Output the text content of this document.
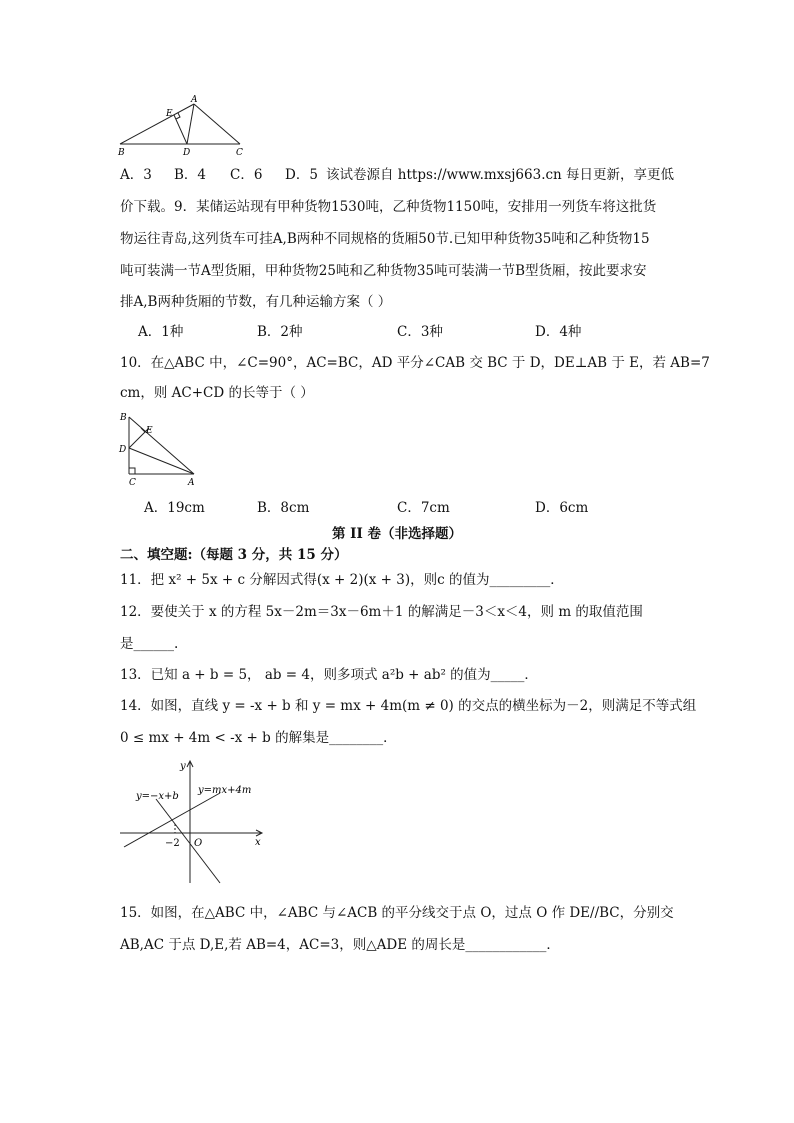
A
E
B	D	C
A．3 B．4 C．6 D．5 该试卷源自 https://www.mxsj663.cn 每日更新，享更低
价下载。9．某储运站现有甲种货物1530吨，乙种货物1150吨，安排用一列货车将这批货
物运往青岛,这列货车可挂A,B两种不同规格的货厢50节.已知甲种货物35吨和乙种货物15
吨可装满一节A型货厢，甲种货物25吨和乙种货物35吨可装满一节B型货厢，按此要求安
排A,B两种货厢的节数，有几种运输方案（ ）
A．1种	B．2种	C．3种	D．4种
10．在△ABC 中，∠C=90°，AC=BC，AD 平分∠CAB 交 BC 于 D，DE⊥AB 于 E，若 AB=7
cm，则 AC+CD 的长等于（ ）
B
E
D
C	A
A．19cm	B．8cm	C．7cm	D．6cm
第 II 卷（非选择题）
二、填空题:（每题 3 分，共 15 分）
11．把 x² + 5x + c 分解因式得(x + 2)(x + 3)，则c 的值为_________．
12．要使关于 x 的方程 5x－2m＝3x－6m＋1 的解满足－3＜x＜4，则 m 的取值范围
是______.
13．已知 a + b = 5， ab = 4，则多项式 a²b + ab² 的值为_____．
14．如图，直线 y = -x + b 和 y = mx + 4m(m ≠ 0) 的交点的横坐标为－2，则满足不等式组
0 ≤ mx + 4m < -x + b 的解集是________．
y
x
y=−x+b
y=mx+4m
−2 O
15．如图，在△ABC 中，∠ABC 与∠ACB 的平分线交于点 O，过点 O 作 DE//BC，分别交
AB,AC 于点 D,E,若 AB=4，AC=3，则△ADE 的周长是____________．
